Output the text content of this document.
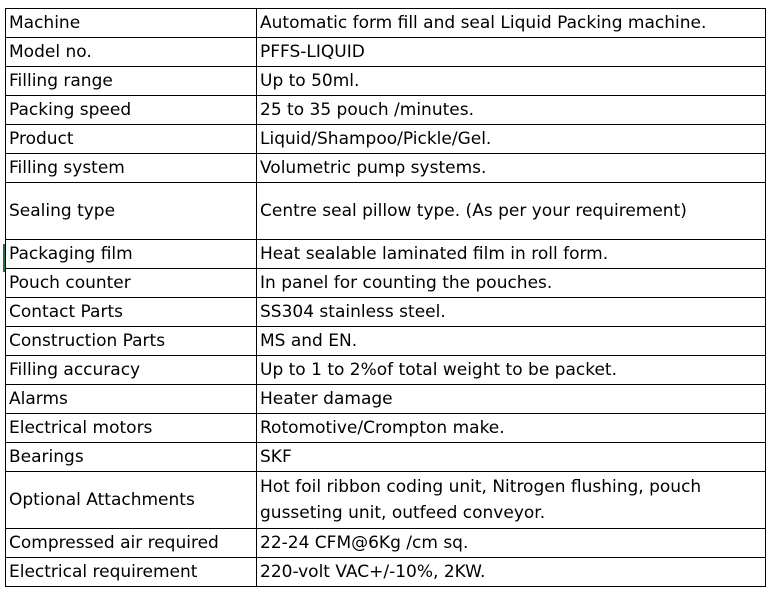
Machine	Automatic form fill and seal Liquid Packing machine.
Model no.	PFFS-LIQUID
Filling range	Up to 50ml.
Packing speed	25 to 35 pouch /minutes.
Product	Liquid/Shampoo/Pickle/Gel.
Filling system	Volumetric pump systems.
Sealing type	Centre seal pillow type. (As per your requirement)
Packaging film	Heat sealable laminated film in roll form.
Pouch counter	In panel for counting the pouches.
Contact Parts	SS304 stainless steel.
Construction Parts	MS and EN.
Filling accuracy	Up to 1 to 2%of total weight to be packet.
Alarms	Heater damage
Electrical motors	Rotomotive/Crompton make.
Bearings	SKF
Optional Attachments	Hot foil ribbon coding unit, Nitrogen flushing, pouch gusseting unit, outfeed conveyor.
Compressed air required	22-24 CFM@6Kg /cm sq.
Electrical requirement	220-volt VAC+/-10%, 2KW.
